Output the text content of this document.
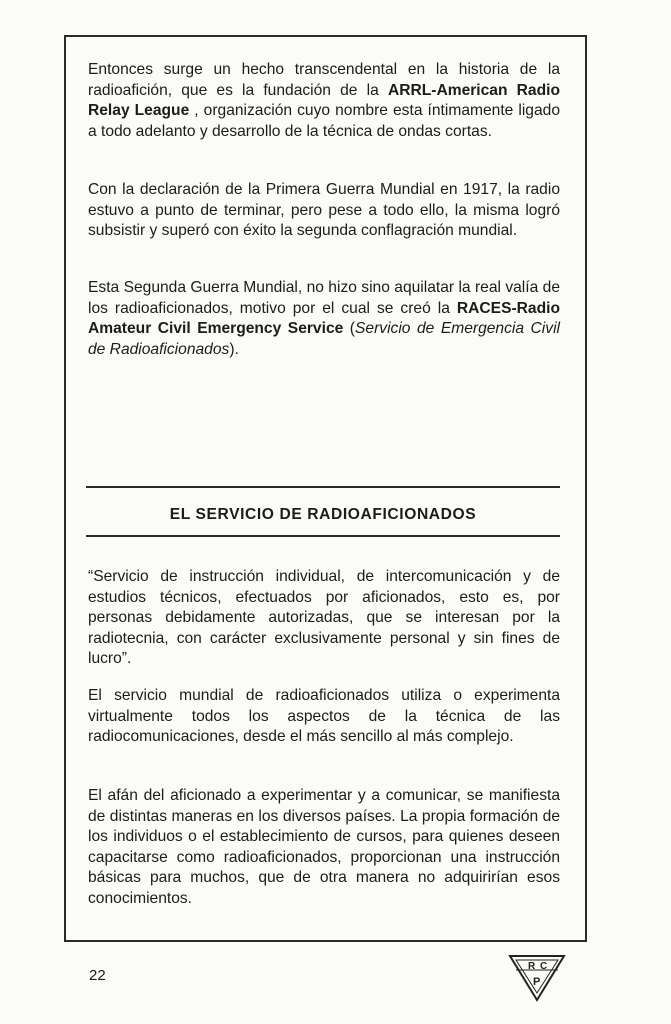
Entonces surge un hecho transcendental en la historia de la radioafición, que es la fundación de la ARRL-American Radio Relay League , organización cuyo nombre esta íntimamente ligado a todo adelanto y desarrollo de la técnica de ondas cortas.

Con la declaración de la Primera Guerra Mundial en 1917, la radio estuvo a punto de terminar, pero pese a todo ello, la misma logró subsistir y superó con éxito la segunda conflagración mundial.

Esta Segunda Guerra Mundial, no hizo sino aquilatar la real valía de los radioaficionados, motivo por el cual se creó la RACES-Radio Amateur Civil Emergency Service (Servicio de Emergencia Civil de Radioaficionados).

EL SERVICIO DE RADIOAFICIONADOS

“Servicio de instrucción individual, de intercomunicación y de estudios técnicos, efectuados por aficionados, esto es, por personas debidamente autorizadas, que se interesan por la radiotecnia, con carácter exclusivamente personal y sin fines de lucro”.

El servicio mundial de radioaficionados utiliza o experimenta virtualmente todos los aspectos de la técnica de las radiocomunicaciones, desde el más sencillo al más complejo.

El afán del aficionado a experimentar y a comunicar, se manifiesta de distintas maneras en los diversos países. La propia formación de los individuos o el establecimiento de cursos, para quienes deseen capacitarse como radioaficionados, proporcionan una instrucción básicas para muchos, que de otra manera no adquirirían esos conocimientos.

22
R C
P
